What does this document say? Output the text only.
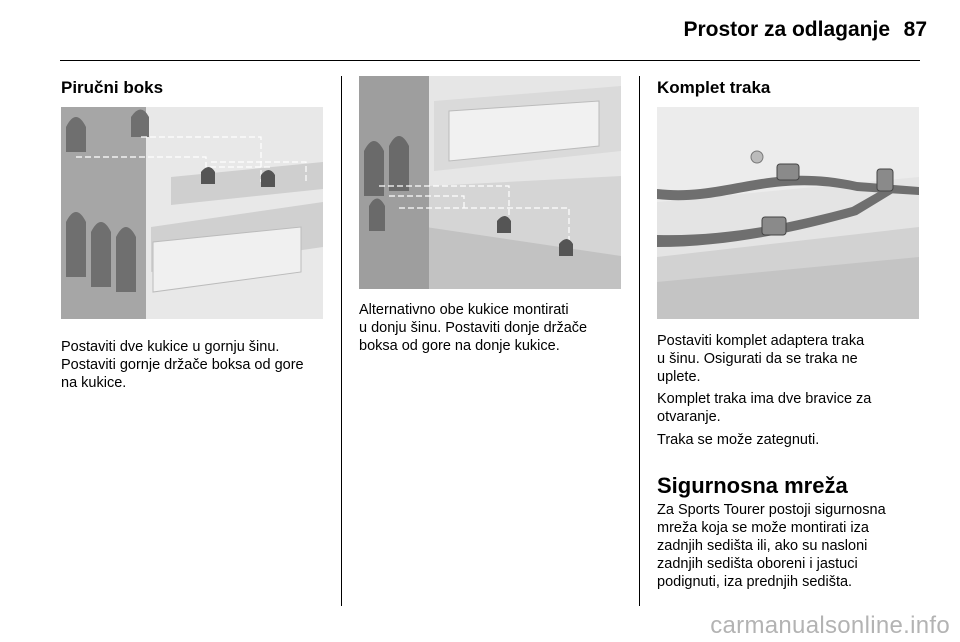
Prostor za odlaganje 87
Piručni boks

Postaviti dve kukice u gornju šinu.

Postaviti gornje držače boksa od gore

na kukice.

Alternativno obe kukice montirati

u donju šinu. Postaviti donje držače

boksa od gore na donje kukice.

Komplet traka

Postaviti komplet adaptera traka

u šinu. Osigurati da se traka ne

uplete.

Komplet traka ima dve bravice za

otvaranje.

Traka se može zategnuti.

Sigurnosna mreža

Za Sports Tourer postoji sigurnosna

mreža koja se može montirati iza

zadnjih sedišta ili, ako su nasloni

zadnjih sedišta oboreni i jastuci

podignuti, iza prednjih sedišta.

carmanualsonline.info
